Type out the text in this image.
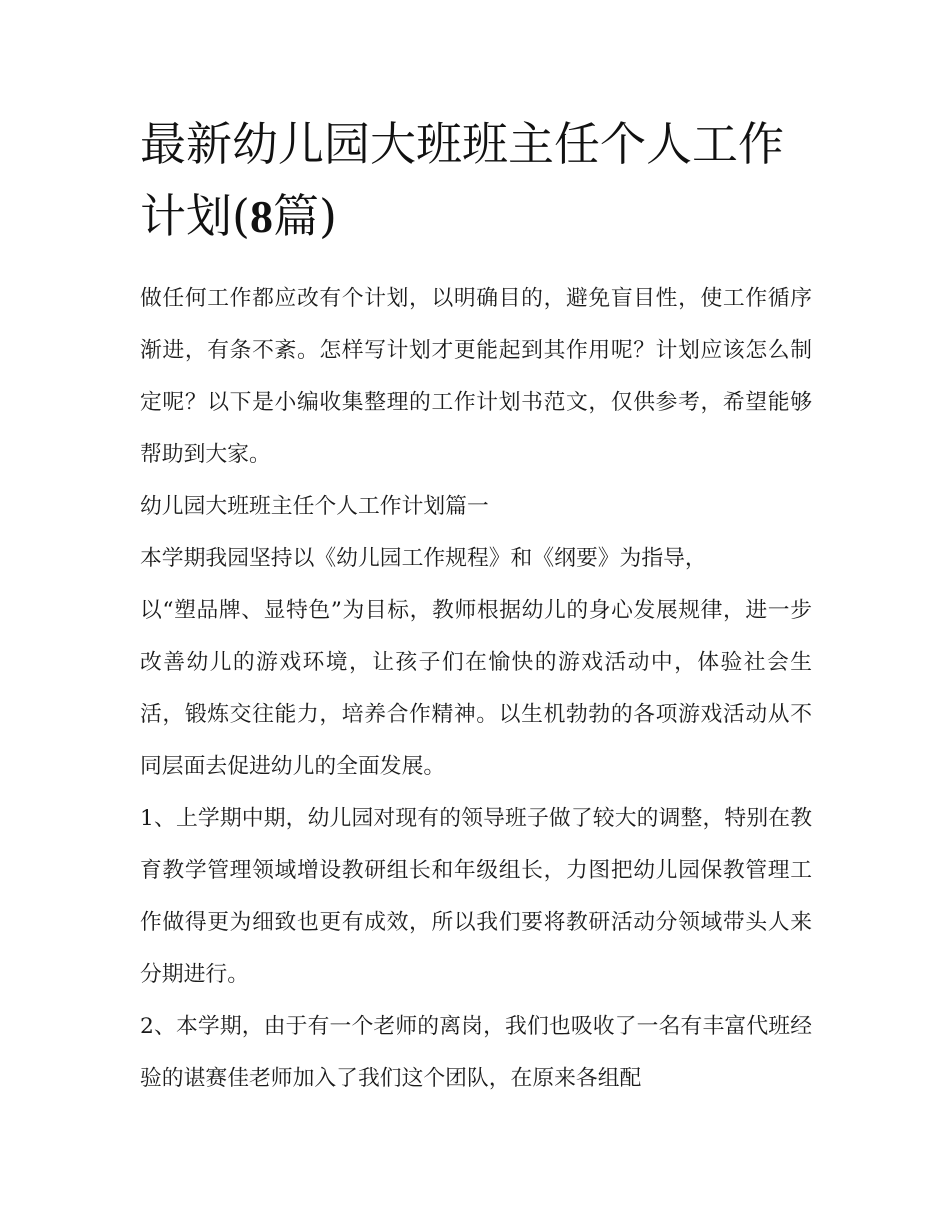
最新幼儿园大班班主任个人工作计划(8篇)

做任何工作都应改有个计划，以明确目的，避免盲目性，使工作循序渐进，有条不紊。怎样写计划才更能起到其作用呢？计划应该怎么制定呢？以下是小编收集整理的工作计划书范文，仅供参考，希望能够帮助到大家。

幼儿园大班班主任个人工作计划篇一

本学期我园坚持以《幼儿园工作规程》和《纲要》为指导，

以“塑品牌、显特色”为目标，教师根据幼儿的身心发展规律，进一步改善幼儿的游戏环境，让孩子们在愉快的游戏活动中，体验社会生活，锻炼交往能力，培养合作精神。以生机勃勃的各项游戏活动从不同层面去促进幼儿的全面发展。

1、上学期中期，幼儿园对现有的领导班子做了较大的调整，特别在教育教学管理领域增设教研组长和年级组长，力图把幼儿园保教管理工作做得更为细致也更有成效，所以我们要将教研活动分领域带头人来分期进行。

2、本学期，由于有一个老师的离岗，我们也吸收了一名有丰富代班经验的谌赛佳老师加入了我们这个团队，在原来各组配
